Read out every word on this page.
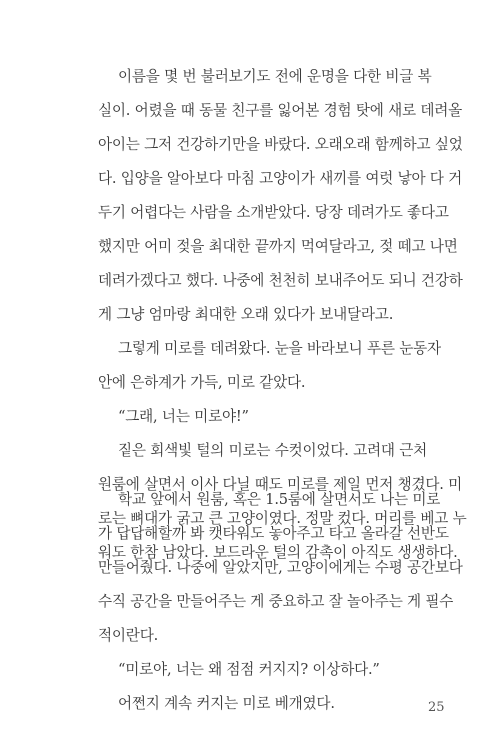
이름을 몇 번 불러보기도 전에 운명을 다한 비글 복
실이. 어렸을 때 동물 친구를 잃어본 경험 탓에 새로 데려올
아이는 그저 건강하기만을 바랐다. 오래오래 함께하고 싶었
다. 입양을 알아보다 마침 고양이가 새끼를 여럿 낳아 다 거
두기 어렵다는 사람을 소개받았다. 당장 데려가도 좋다고
했지만 어미 젖을 최대한 끝까지 먹여달라고, 젖 떼고 나면
데려가겠다고 했다. 나중에 천천히 보내주어도 되니 건강하
게 그냥 엄마랑 최대한 오래 있다가 보내달라고.
그렇게 미로를 데려왔다. 눈을 바라보니 푸른 눈동자
안에 은하계가 가득, 미로 같았다.
“그래, 너는 미로야!”
짙은 회색빛 털의 미로는 수컷이었다. 고려대 근처
원룸에 살면서 이사 다닐 때도 미로를 제일 먼저 챙겼다. 미
로는 뼈대가 굵고 큰 고양이였다. 정말 컸다. 머리를 베고 누
워도 한참 남았다. 보드라운 털의 감촉이 아직도 생생하다.
학교 앞에서 원룸, 혹은 1.5룸에 살면서도 나는 미로
가 답답해할까 봐 캣타워도 놓아주고 타고 올라갈 선반도
만들어줬다. 나중에 알았지만, 고양이에게는 수평 공간보다
수직 공간을 만들어주는 게 중요하고 잘 놀아주는 게 필수
적이란다.
“미로야, 너는 왜 점점 커지지? 이상하다.”
어쩐지 계속 커지는 미로 베개였다.	25
